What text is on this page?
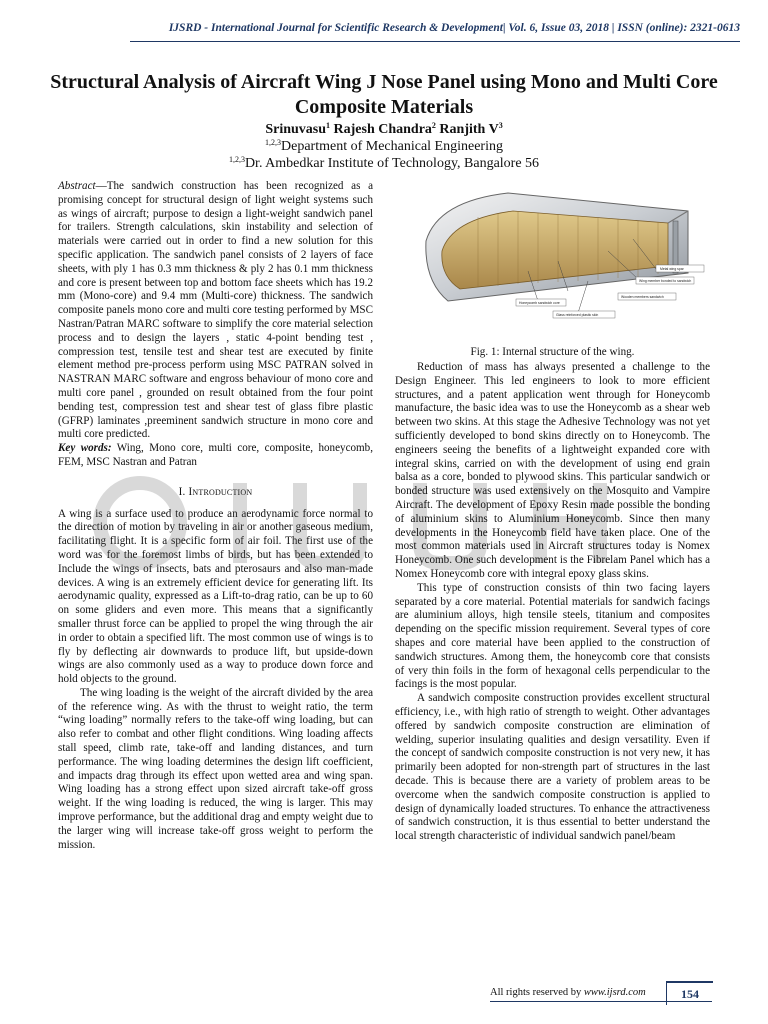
IJSRD - International Journal for Scientific Research & Development| Vol. 6, Issue 03, 2018 | ISSN (online): 2321-0613
Structural Analysis of Aircraft Wing J Nose Panel using Mono and Multi Core Composite Materials
Srinuvasu$^1$ Rajesh Chandra$^2$ Ranjith $V^3$
$^{1,2,3}$Department of Mechanical Engineering
$^{1,2,3}$Dr. Ambedkar Institute of Technology, Bangalore 56

Abstract—The sandwich construction has been recognized as a promising concept for structural design of light weight systems such as wings of aircraft; purpose to design a light-weight sandwich panel for trailers. Strength calculations, skin instability and selection of materials were carried out in order to find a new solution for this specific application. The sandwich panel consists of 2 layers of face sheets, with ply 1 has 0.3 mm thickness & ply 2 has 0.1 mm thickness and core is present between top and bottom face sheets which has 19.2 mm (Mono-core) and 9.4 mm (Multi-core) thickness. The sandwich composite panels mono core and multi core testing performed by MSC Nastran/Patran MARC software to simplify the core material selection process and to design the layers , static 4-point bending test , compression test, tensile test and shear test are executed by finite element method pre-process perform using MSC PATRAN solved in NASTRAN MARC software and engross behaviour of mono core and multi core panel , grounded on result obtained from the four point bending test, compression test and shear test of glass fibre plastic (GFRP) laminates ,preeminent sandwich structure in mono core and multi core predicted.

Key words: Wing, Mono core, multi core, composite, honeycomb, FEM, MSC Nastran and Patran

I. Introduction

A wing is a surface used to produce an aerodynamic force normal to the direction of motion by traveling in air or another gaseous medium, facilitating flight. It is a specific form of air foil. The first use of the word was for the foremost limbs of birds, but has been extended to Include the wings of insects, bats and pterosaurs and also man-made devices. A wing is an extremely efficient device for generating lift. Its aerodynamic quality, expressed as a Lift-to-drag ratio, can be up to 60 on some gliders and even more. This means that a significantly smaller thrust force can be applied to propel the wing through the air in order to obtain a specified lift. The most common use of wings is to fly by deflecting air downwards to produce lift, but upside-down wings are also commonly used as a way to produce down force and hold objects to the ground.

The wing loading is the weight of the aircraft divided by the area of the reference wing. As with the thrust to weight ratio, the term “wing loading” normally refers to the take-off wing loading, but can also refer to combat and other flight conditions. Wing loading affects stall speed, climb rate, take-off and landing distances, and turn performance. The wing loading determines the design lift coefficient, and impacts drag through its effect upon wetted area and wing span. Wing loading has a strong effect upon sized aircraft take-off gross weight. If the wing loading is reduced, the wing is larger. This may improve performance, but the additional drag and empty weight due to the larger wing will increase take-off gross weight to perform the mission.

Metal wing spar
Wing member bonded to sandwich
Honeycomb sandwich core
Wooden members sandwich
Glass reinforced plastic skin
Fig. 1: Internal structure of the wing.

Reduction of mass has always presented a challenge to the Design Engineer. This led engineers to look to more efficient structures, and a patent application went through for Honeycomb manufacture, the basic idea was to use the Honeycomb as a shear web between two skins. At this stage the Adhesive Technology was not yet sufficiently developed to bond skins directly on to Honeycomb. The engineers seeing the benefits of a lightweight expanded core with integral skins, carried on with the development of using end grain balsa as a core, bonded to plywood skins. This particular sandwich or bonded structure was used extensively on the Mosquito and Vampire Aircraft. The development of Epoxy Resin made possible the bonding of aluminium skins to Aluminium Honeycomb. Since then many developments in the Honeycomb field have taken place. One of the most common materials used in Aircraft structures today is Nomex Honeycomb. One such development is the Fibrelam Panel which has a Nomex Honeycomb core with integral epoxy glass skins.

This type of construction consists of thin two facing layers separated by a core material. Potential materials for sandwich facings are aluminium alloys, high tensile steels, titanium and composites depending on the specific mission requirement. Several types of core shapes and core material have been applied to the construction of sandwich structures. Among them, the honeycomb core that consists of very thin foils in the form of hexagonal cells perpendicular to the facings is the most popular.

A sandwich composite construction provides excellent structural efficiency, i.e., with high ratio of strength to weight. Other advantages offered by sandwich composite construction are elimination of welding, superior insulating qualities and design versatility. Even if the concept of sandwich composite construction is not very new, it has primarily been adopted for non-strength part of structures in the last decade. This is because there are a variety of problem areas to be overcome when the sandwich composite construction is applied to design of dynamically loaded structures. To enhance the attractiveness of sandwich construction, it is thus essential to better understand the local strength characteristic of individual sandwich panel/beam

All rights reserved by www.ijsrd.com	154
